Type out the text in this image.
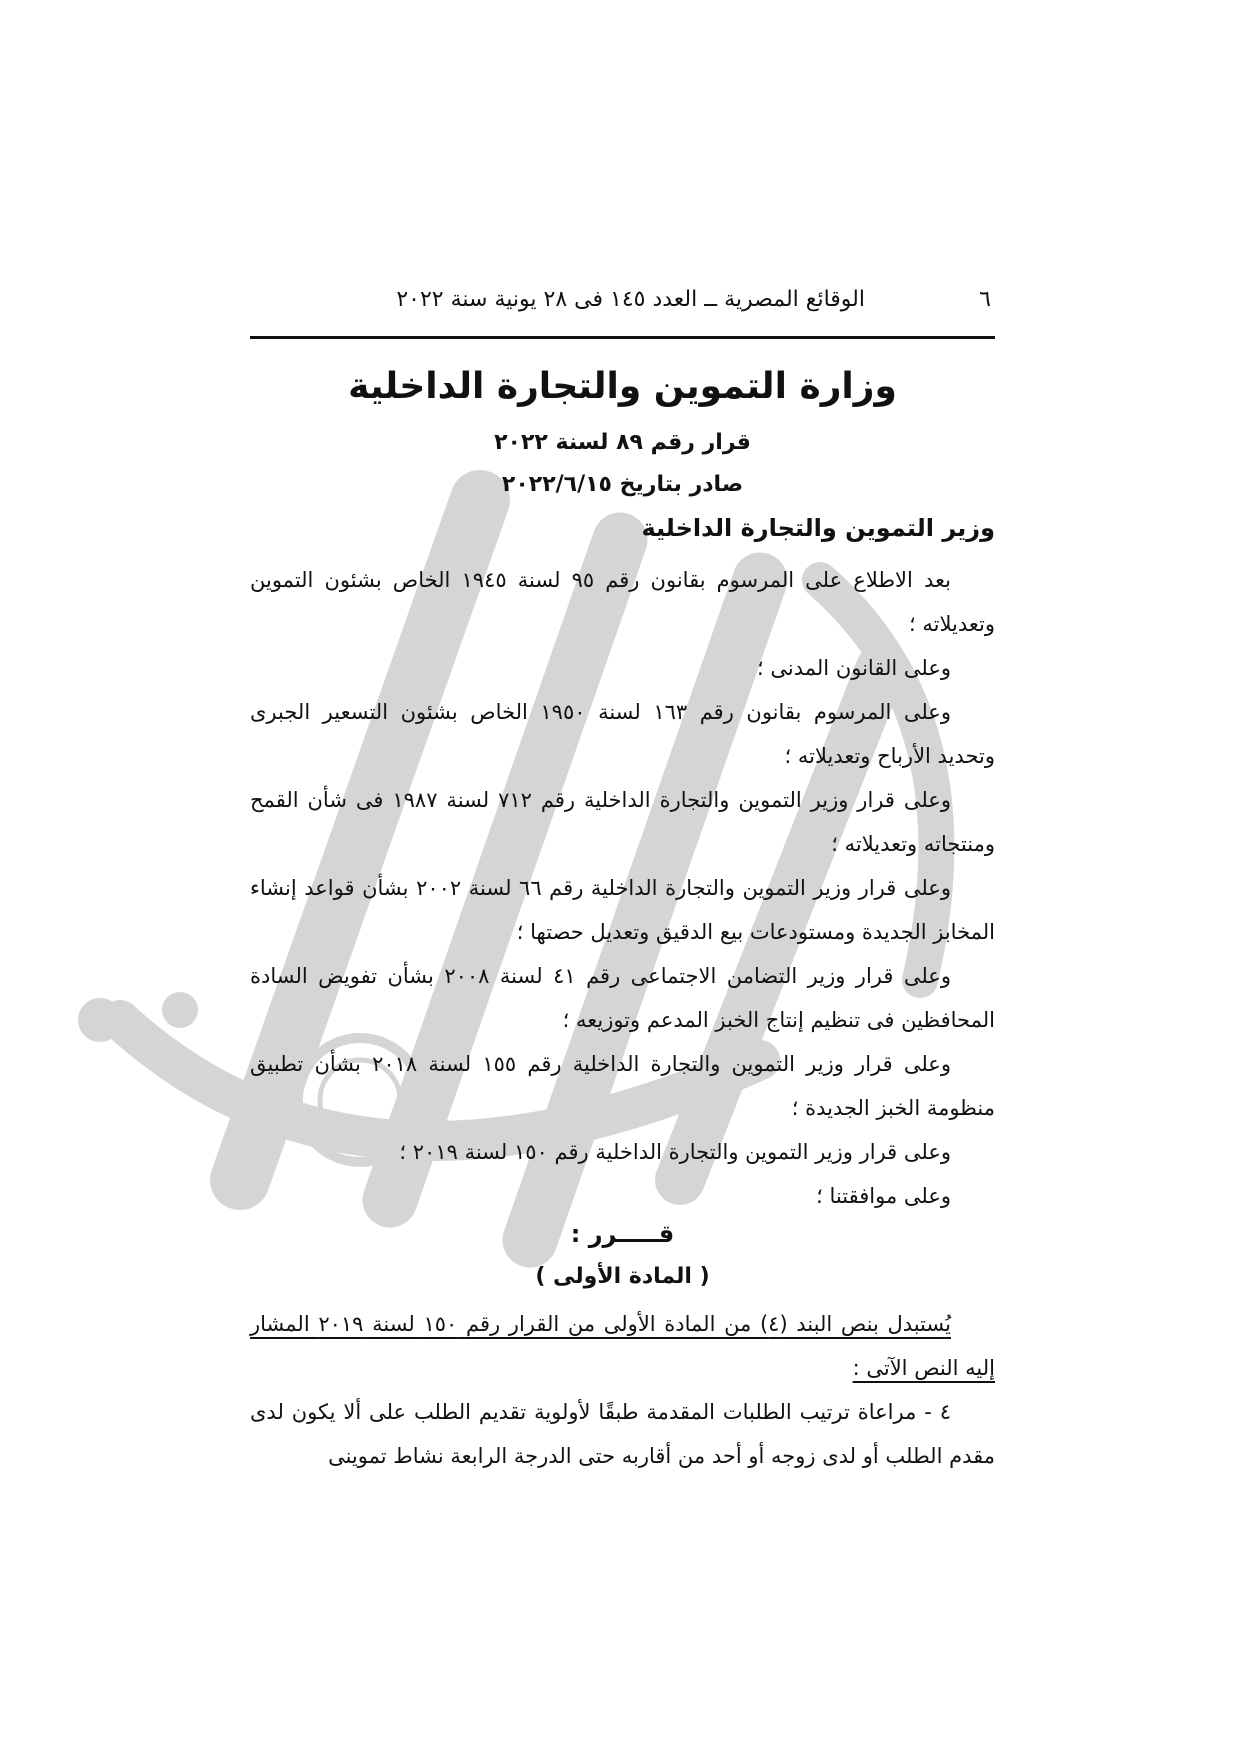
٦
الوقائع المصرية ــ العدد ١٤٥ فى ٢٨ يونية سنة ٢٠٢٢
وزارة التموين والتجارة الداخلية
قرار رقم ٨٩ لسنة ٢٠٢٢
صادر بتاريخ ٢٠٢٢/٦/١٥
وزير التموين والتجارة الداخلية

بعد الاطلاع على المرسوم بقانون رقم ٩٥ لسنة ١٩٤٥ الخاص بشئون التموين وتعديلاته ؛

وعلى القانون المدنى ؛

وعلى المرسوم بقانون رقم ١٦٣ لسنة ١٩٥٠ الخاص بشئون التسعير الجبرى وتحديد الأرباح وتعديلاته ؛

وعلى قرار وزير التموين والتجارة الداخلية رقم ٧١٢ لسنة ١٩٨٧ فى شأن القمح ومنتجاته وتعديلاته ؛

وعلى قرار وزير التموين والتجارة الداخلية رقم ٦٦ لسنة ٢٠٠٢ بشأن قواعد إنشاء المخابز الجديدة ومستودعات بيع الدقيق وتعديل حصتها ؛

وعلى قرار وزير التضامن الاجتماعى رقم ٤١ لسنة ٢٠٠٨ بشأن تفويض السادة المحافظين فى تنظيم إنتاج الخبز المدعم وتوزيعه ؛

وعلى قرار وزير التموين والتجارة الداخلية رقم ١٥٥ لسنة ٢٠١٨ بشأن تطبيق منظومة الخبز الجديدة ؛

وعلى قرار وزير التموين والتجارة الداخلية رقم ١٥٠ لسنة ٢٠١٩ ؛

وعلى موافقتنا ؛

قـــــرر :
( المادة الأولى )

يُستبدل بنص البند (٤) من المادة الأولى من القرار رقم ١٥٠ لسنة ٢٠١٩ المشار إليه النص الآتى :

٤ - مراعاة ترتيب الطلبات المقدمة طبقًا لأولوية تقديم الطلب على ألا يكون لدى مقدم الطلب أو لدى زوجه أو أحد من أقاربه حتى الدرجة الرابعة نشاط تموينى
